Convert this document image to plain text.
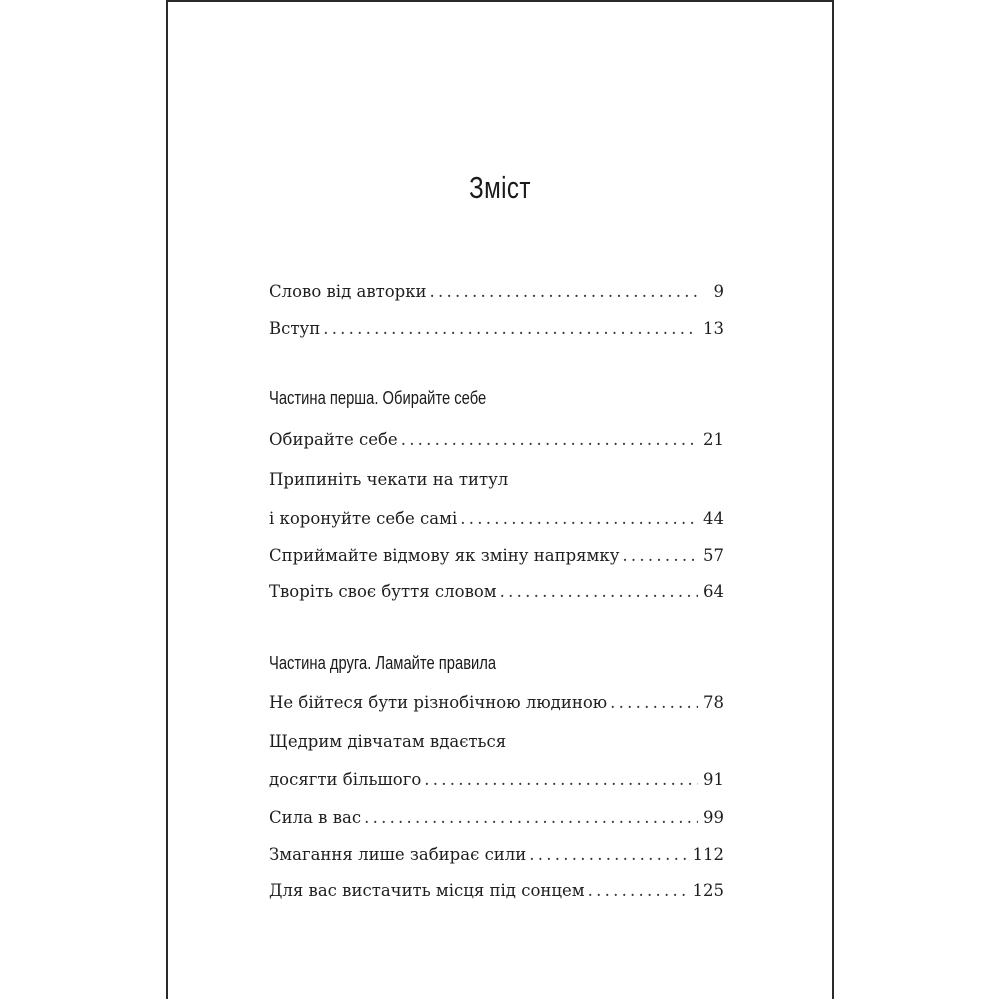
Зміст
Слово від авторки . . .	9
Вступ . . .	13
Частина перша. Обирайте себе
Обирайте себе . . .	21
Припиніть чекати на титул
і коронуйте себе самі . . .	44
Сприймайте відмову як зміну напрямку . . .	57
Творіть своє буття словом . . .	64
Частина друга. Ламайте правила
Не бійтеся бути різнобічною людиною . . .	78
Щедрим дівчатам вдається
досягти більшого . . .	91
Сила в вас . . .	99
Змагання лише забирає сили . . .	112
Для вас вистачить місця під сонцем . . .	125
